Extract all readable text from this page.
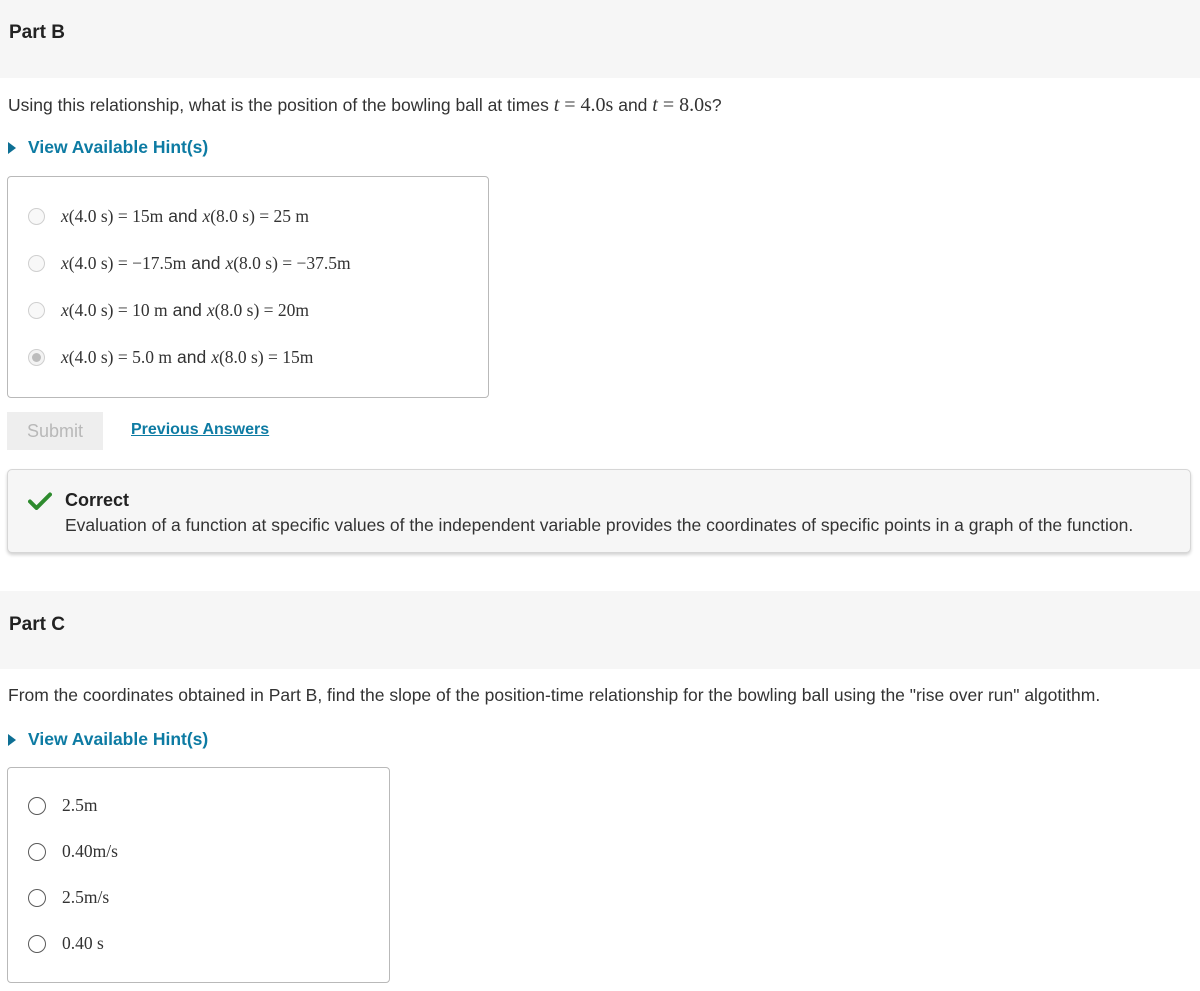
Part B
Using this relationship, what is the position of the bowling ball at times t = 4.0s and t = 8.0s?
View Available Hint(s)
x(4.0 s) = 15m and x(8.0 s) = 25 m
x(4.0 s) = −17.5m and x(8.0 s) = −37.5m
x(4.0 s) = 10 m and x(8.0 s) = 20m
x(4.0 s) = 5.0 m and x(8.0 s) = 15m
Submit	Previous Answers
Correct
Evaluation of a function at specific values of the independent variable provides the coordinates of specific points in a graph of the function.
Part C
From the coordinates obtained in Part B, find the slope of the position-time relationship for the bowling ball using the "rise over run" algotithm.
View Available Hint(s)
2.5m
0.40m/s
2.5m/s
0.40 s
